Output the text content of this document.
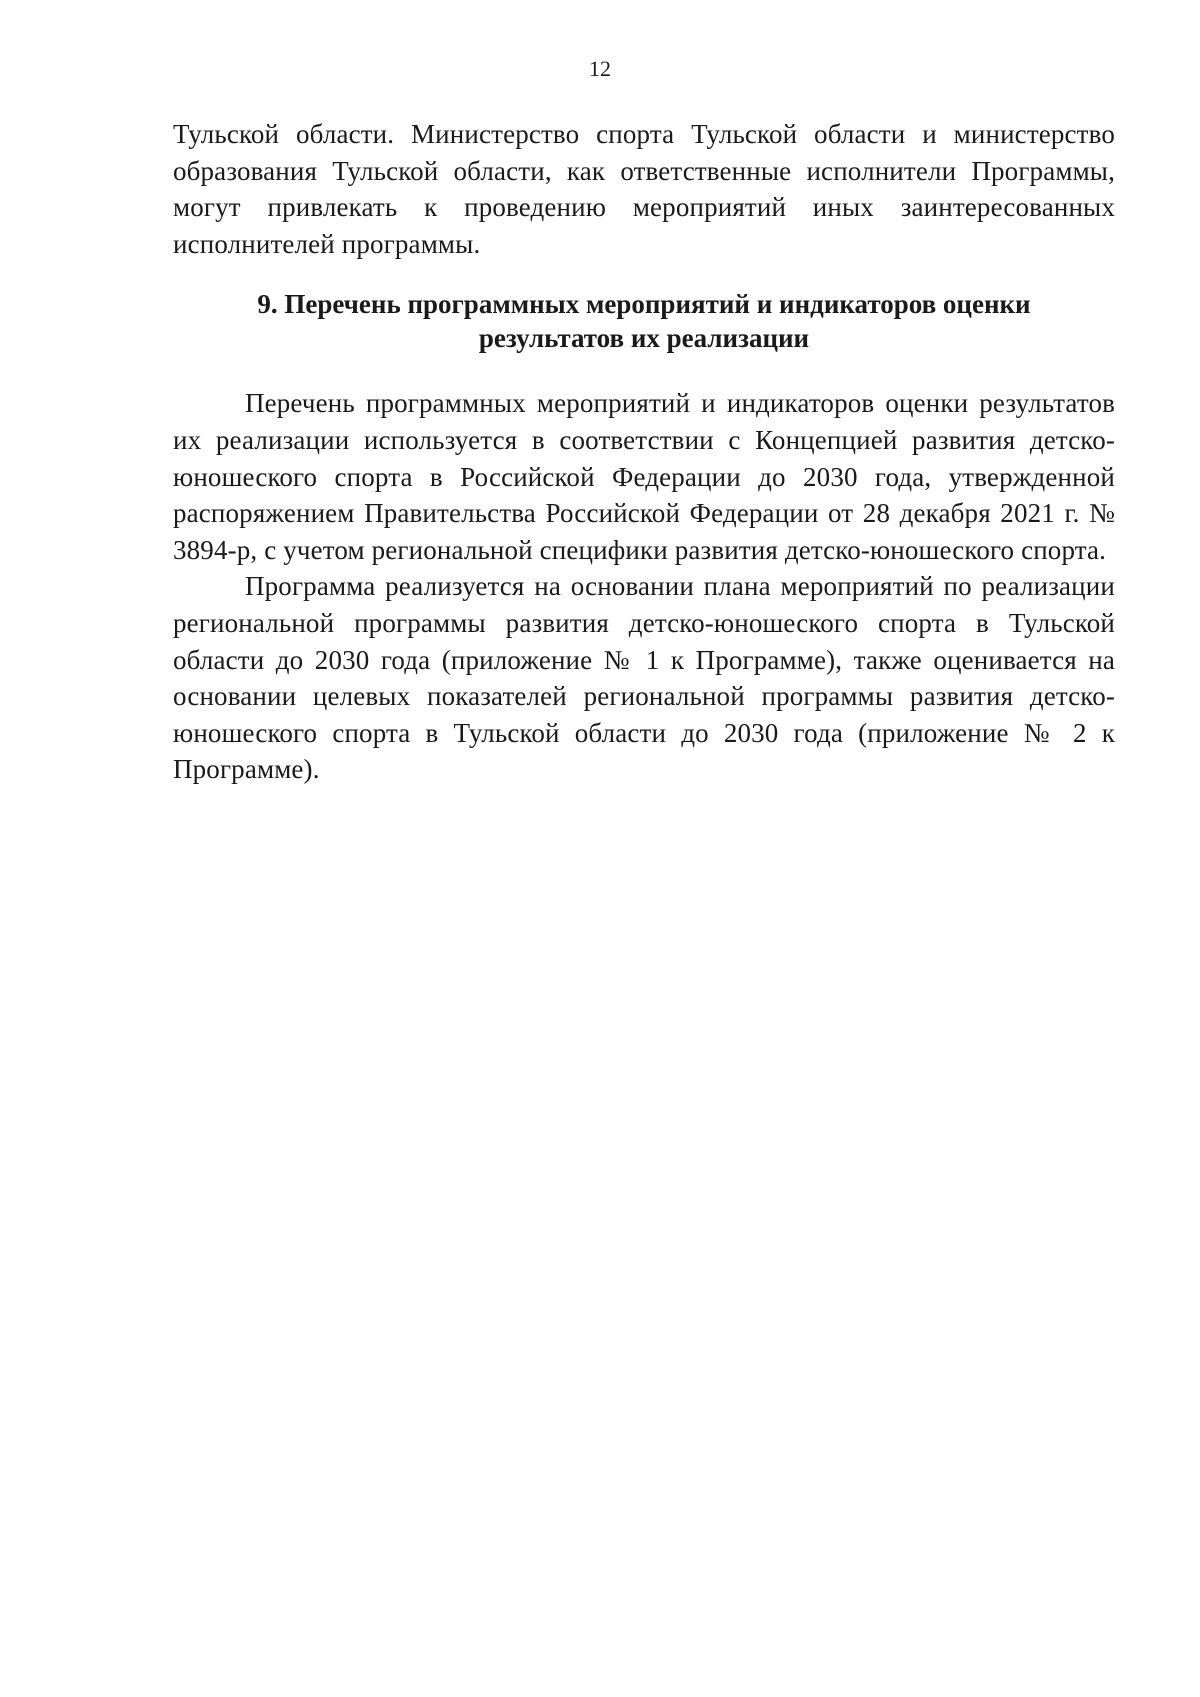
12

Тульской области. Министерство спорта Тульской области и министерство образования Тульской области, как ответственные исполнители Программы, могут привлекать к проведению мероприятий иных заинтересованных исполнителей программы.

9. Перечень программных мероприятий и индикаторов оценки
результатов их реализации

Перечень программных мероприятий и индикаторов оценки результатов их реализации используется в соответствии с Концепцией развития детско-юношеского спорта в Российской Федерации до 2030 года, утвержденной распоряжением Правительства Российской Федерации от 28 декабря 2021 г. № 3894-р, с учетом региональной специфики развития детско-юношеского спорта.

Программа реализуется на основании плана мероприятий по реализации региональной программы развития детско-юношеского спорта в Тульской области до 2030 года (приложение № 1 к Программе), также оценивается на основании целевых показателей региональной программы развития детско-юношеского спорта в Тульской области до 2030 года (приложение № 2 к Программе).
